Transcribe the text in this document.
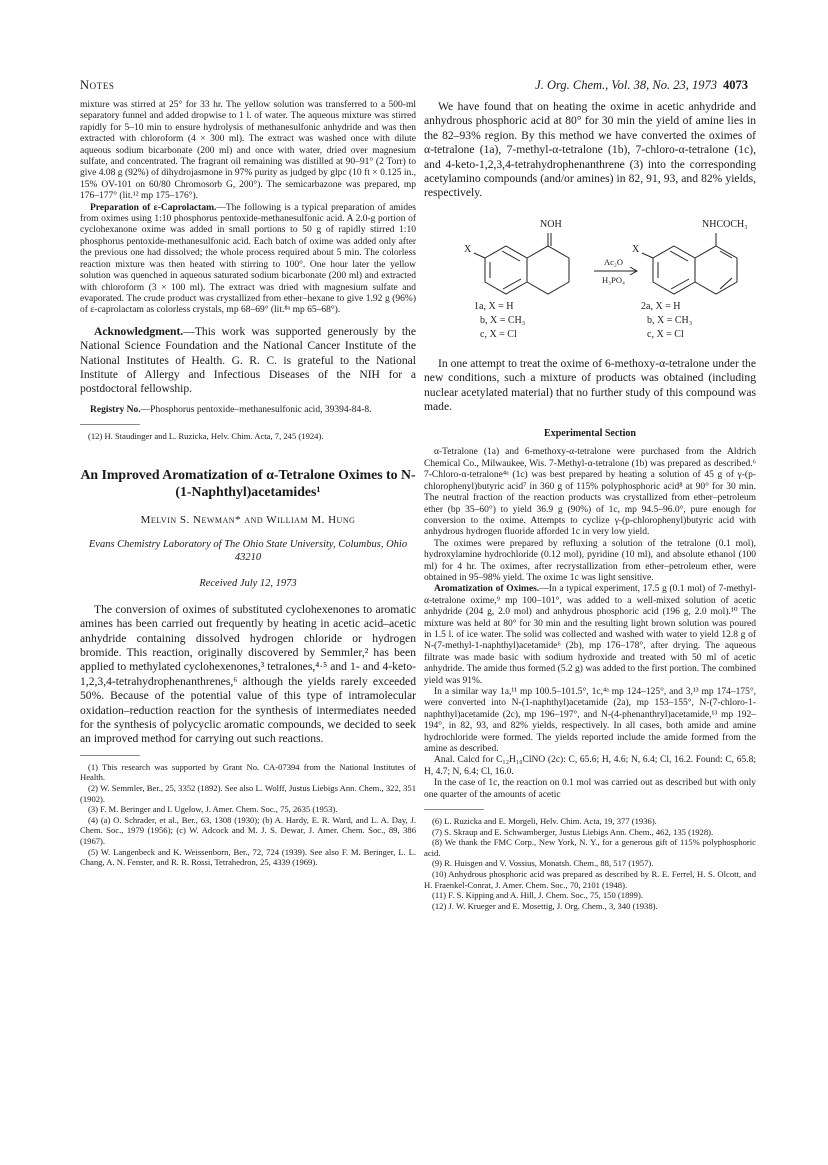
Notes	J. Org. Chem., Vol. 38, No. 23, 1973 4073

mixture was stirred at 25° for 33 hr. The yellow solution was transferred to a 500-ml separatory funnel and added dropwise to 1 l. of water. The aqueous mixture was stirred rapidly for 5–10 min to ensure hydrolysis of methanesulfonic anhydride and was then extracted with chloroform (4 × 300 ml). The extract was washed once with dilute aqueous sodium bicarbonate (200 ml) and once with water, dried over magnesium sulfate, and concentrated. The fragrant oil remaining was distilled at 90–91° (2 Torr) to give 4.08 g (92%) of dihydrojasmone in 97% purity as judged by glpc (10 ft × 0.125 in., 15% OV-101 on 60/80 Chromosorb G, 200°). The semicarbazone was prepared, mp 176–177° (lit.¹² mp 175–176°).

Preparation of ε-Caprolactam.—The following is a typical preparation of amides from oximes using 1:10 phosphorus pentoxide-methanesulfonic acid. A 2.0-g portion of cyclohexanone oxime was added in small portions to 50 g of rapidly stirred 1:10 phosphorus pentoxide-methanesulfonic acid. Each batch of oxime was added only after the previous one had dissolved; the whole process required about 5 min. The colorless reaction mixture was then heated with stirring to 100°. One hour later the yellow solution was quenched in aqueous saturated sodium bicarbonate (200 ml) and extracted with chloroform (3 × 100 ml). The extract was dried with magnesium sulfate and evaporated. The crude product was crystallized from ether–hexane to give 1.92 g (96%) of ε-caprolactam as colorless crystals, mp 68–69° (lit.⁸ᵃ mp 65–68°).

Acknowledgment.—This work was supported generously by the National Science Foundation and the National Cancer Institute of the National Institutes of Health. G. R. C. is grateful to the National Institute of Allergy and Infectious Diseases of the NIH for a postdoctoral fellowship.

Registry No.—Phosphorus pentoxide–methanesulfonic acid, 39394-84-8.

(12) H. Staudinger and L. Ruzicka, Helv. Chim. Acta, 7, 245 (1924).

An Improved Aromatization of α-Tetralone Oximes to N-(1-Naphthyl)acetamides¹
Melvin S. Newman* and William M. Hung
Evans Chemistry Laboratory of The Ohio State University, Columbus, Ohio 43210
Received July 12, 1973

The conversion of oximes of substituted cyclohexenones to aromatic amines has been carried out frequently by heating in acetic acid–acetic anhydride containing dissolved hydrogen chloride or hydrogen bromide. This reaction, originally discovered by Semmler,² has been applied to methylated cyclohexenones,³ tetralones,⁴·⁵ and 1- and 4-keto-1,2,3,4-tetrahydrophenanthrenes,⁶ although the yields rarely exceeded 50%. Because of the potential value of this type of intramolecular oxidation–reduction reaction for the synthesis of intermediates needed for the synthesis of polycyclic aromatic compounds, we decided to seek an improved method for carrying out such reactions.

(1) This research was supported by Grant No. CA-07394 from the National Institutes of Health.

(2) W. Semmler, Ber., 25, 3352 (1892). See also L. Wolff, Justus Liebigs Ann. Chem., 322, 351 (1902).

(3) F. M. Beringer and I. Ugelow, J. Amer. Chem. Soc., 75, 2635 (1953).

(4) (a) O. Schrader, et al., Ber., 63, 1308 (1930); (b) A. Hardy, E. R. Ward, and L. A. Day, J. Chem. Soc., 1979 (1956); (c) W. Adcock and M. J. S. Dewar, J. Amer. Chem. Soc., 89, 386 (1967).

(5) W. Langenbeck and K. Weissenborn, Ber., 72, 724 (1939). See also F. M. Beringer, L. L. Chang, A. N. Fenster, and R. R. Rossi, Tetrahedron, 25, 4339 (1969).

We have found that on heating the oxime in acetic anhydride and anhydrous phosphoric acid at 80° for 30 min the yield of amine lies in the 82–93% region. By this method we have converted the oximes of α-tetralone (1a), 7-methyl-α-tetralone (1b), 7-chloro-α-tetralone (1c), and 4-keto-1,2,3,4-tetrahydrophenanthrene (3) into the corresponding acetylamino compounds (and/or amines) in 82, 91, 93, and 82% yields, respectively.

NOH
X
Ac₂O
H₃PO₄
NHCOCH₃
X
1a, X = H
b, X = CH₃
c, X = Cl
2a, X = H
b, X = CH₃
c, X = Cl

In one attempt to treat the oxime of 6-methoxy-α-tetralone under the new conditions, such a mixture of products was obtained (including nuclear acetylated material) that no further study of this compound was made.

Experimental Section

α-Tetralone (1a) and 6-methoxy-α-tetralone were purchased from the Aldrich Chemical Co., Milwaukee, Wis. 7-Methyl-α-tetralone (1b) was prepared as described.⁶ 7-Chloro-α-tetralone⁴ᵃ (1c) was best prepared by heating a solution of 45 g of γ-(p-chlorophenyl)butyric acid⁷ in 360 g of 115% polyphosphoric acid⁸ at 90° for 30 min. The neutral fraction of the reaction products was crystallized from ether–petroleum ether (bp 35–60°) to yield 36.9 g (90%) of 1c, mp 94.5–96.0°, pure enough for conversion to the oxime. Attempts to cyclize γ-(p-chlorophenyl)butyric acid with anhydrous hydrogen fluoride afforded 1c in very low yield.

The oximes were prepared by refluxing a solution of the tetralone (0.1 mol), hydroxylamine hydrochloride (0.12 mol), pyridine (10 ml), and absolute ethanol (100 ml) for 4 hr. The oximes, after recrystallization from ether–petroleum ether, were obtained in 95–98% yield. The oxime 1c was light sensitive.

Aromatization of Oximes.—In a typical experiment, 17.5 g (0.1 mol) of 7-methyl-α-tetralone oxime,⁹ mp 100–101°, was added to a well-mixed solution of acetic anhydride (204 g, 2.0 mol) and anhydrous phosphoric acid (196 g, 2.0 mol).¹⁰ The mixture was held at 80° for 30 min and the resulting light brown solution was poured in 1.5 l. of ice water. The solid was collected and washed with water to yield 12.8 g of N-(7-methyl-1-naphthyl)acetamide⁶ (2b), mp 176–178°, after drying. The aqueous filtrate was made basic with sodium hydroxide and treated with 50 ml of acetic anhydride. The amide thus formed (5.2 g) was added to the first portion. The combined yield was 91%.

In a similar way 1a,¹¹ mp 100.5–101.5°, 1c,⁴ᵃ mp 124–125°, and 3,¹³ mp 174–175°, were converted into N-(1-naphthyl)acetamide (2a), mp 153–155°, N-(7-chloro-1-naphthyl)acetamide (2c), mp 196–197°, and N-(4-phenanthryl)acetamide,¹³ mp 192–194°, in 82, 93, and 82% yields, respectively. In all cases, both amide and amine hydrochloride were formed. The yields reported include the amide formed from the amine as described.

Anal. Calcd for C₁₂H₁₀ClNO (2c): C, 65.6; H, 4.6; N, 6.4; Cl, 16.2. Found: C, 65.8; H, 4.7; N, 6.4; Cl, 16.0.

In the case of 1c, the reaction on 0.1 mol was carried out as described but with only one quarter of the amounts of acetic

(6) L. Ruzicka and E. Morgeli, Helv. Chim. Acta, 19, 377 (1936).

(7) S. Skraup and E. Schwamberger, Justus Liebigs Ann. Chem., 462, 135 (1928).

(8) We thank the FMC Corp., New York, N. Y., for a generous gift of 115% polyphosphoric acid.

(9) R. Huisgen and V. Vossius, Monatsh. Chem., 88, 517 (1957).

(10) Anhydrous phosphoric acid was prepared as described by R. E. Ferrel, H. S. Olcott, and H. Fraenkel-Conrat, J. Amer. Chem. Soc., 70, 2101 (1948).

(11) F. S. Kipping and A. Hill, J. Chem. Soc., 75, 150 (1899).

(12) J. W. Krueger and E. Mosettig, J. Org. Chem., 3, 340 (1938).
